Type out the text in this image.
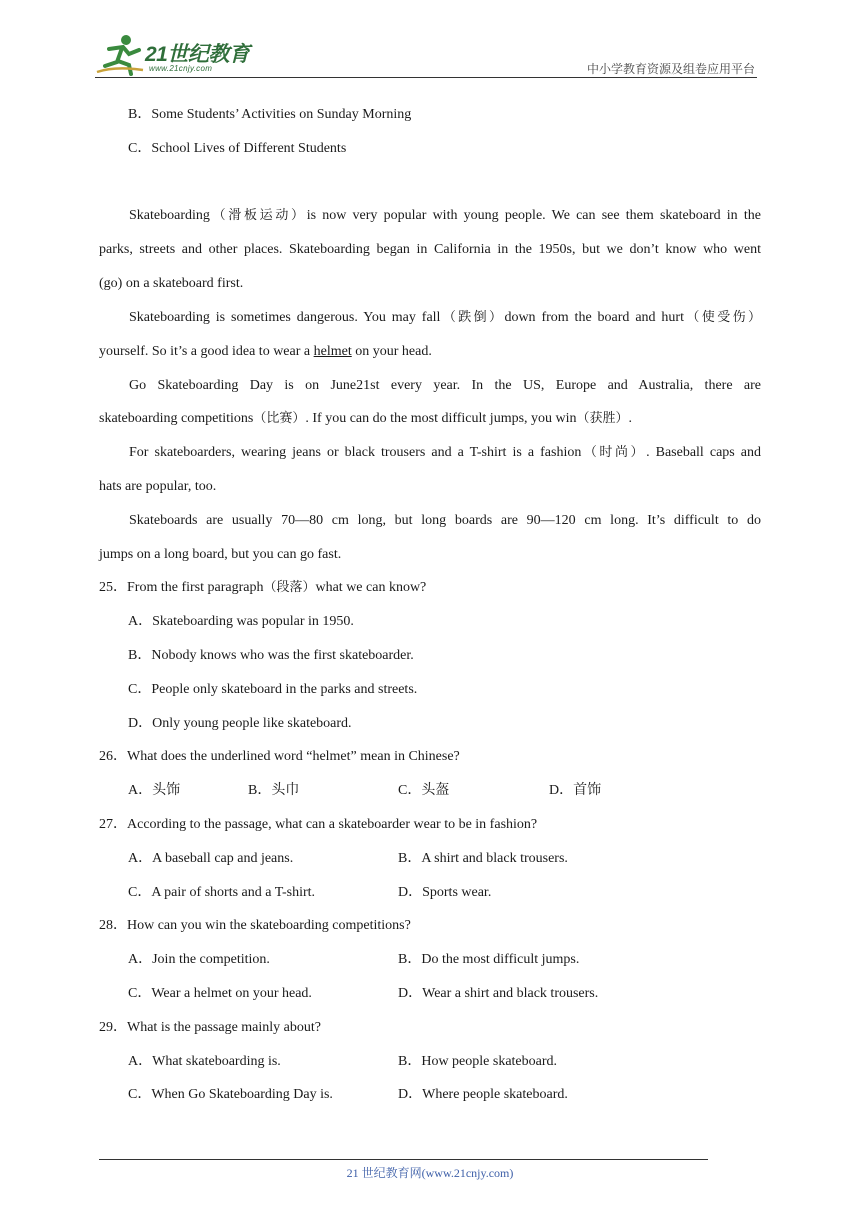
21世纪教育
www.21cnjy.com	中小学教育资源及组卷应用平台
B．Some Students’ Activities on Sunday Morning
C．School Lives of Different Students
Skateboarding（滑板运动）is now very popular with young people. We can see them skateboard in the
parks, streets and other places. Skateboarding began in California in the 1950s, but we don’t know who went
(go) on a skateboard first.
Skateboarding is sometimes dangerous. You may fall（跌倒）down from the board and hurt（使受伤）
yourself. So it’s a good idea to wear a helmet on your head.
Go Skateboarding Day is on June21st every year. In the US, Europe and Australia, there are
skateboarding competitions（比赛）. If you can do the most difficult jumps, you win（获胜）.
For skateboarders, wearing jeans or black trousers and a T-shirt is a fashion（时尚）. Baseball caps and
hats are popular, too.
Skateboards are usually 70—80 cm long, but long boards are 90—120 cm long. It’s difficult to do
jumps on a long board, but you can go fast.
25．From the first paragraph（段落）what we can know?
A．Skateboarding was popular in 1950.
B．Nobody knows who was the first skateboarder.
C．People only skateboard in the parks and streets.
D．Only young people like skateboard.
26．What does the underlined word “helmet” mean in Chinese?
A．头饰	B．头巾	C．头盔	D．首饰
27．According to the passage, what can a skateboarder wear to be in fashion?
A．A baseball cap and jeans.	B．A shirt and black trousers.
C．A pair of shorts and a T-shirt.	D．Sports wear.
28．How can you win the skateboarding competitions?
A．Join the competition.	B．Do the most difficult jumps.
C．Wear a helmet on your head.	D．Wear a shirt and black trousers.
29．What is the passage mainly about?
A．What skateboarding is.	B．How people skateboard.
C．When Go Skateboarding Day is.	D．Where people skateboard.
21 世纪教育网(www.21cnjy.com)
